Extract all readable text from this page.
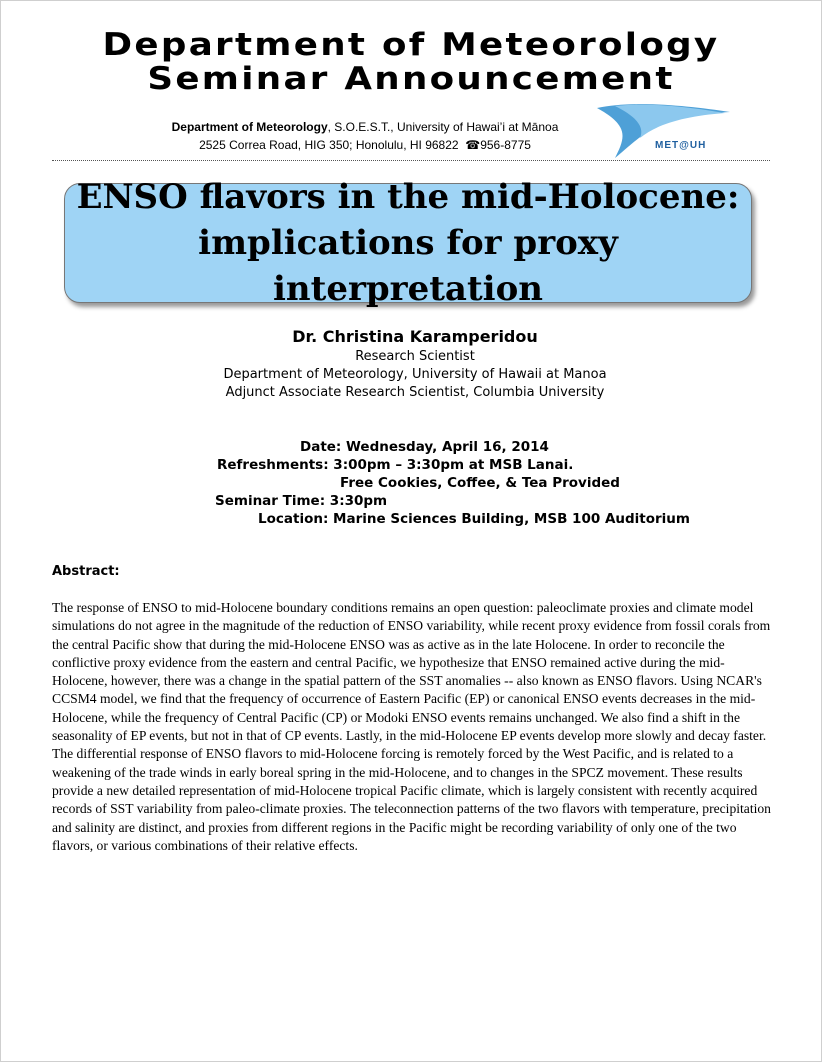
Department of Meteorology
Seminar Announcement
Department of Meteorology, S.O.E.S.T., University of Hawai’i at Mānoa
2525 Correa Road, HIG 350; Honolulu, HI 96822 ☎956-8775	MET@UH
ENSO flavors in the mid-Holocene:
implications for proxy interpretation
Dr. Christina Karamperidou
Research Scientist
Department of Meteorology, University of Hawaii at Manoa
Adjunct Associate Research Scientist, Columbia University
Date: Wednesday, April 16, 2014
Refreshments: 3:00pm – 3:30pm at MSB Lanai.
Free Cookies, Coffee, & Tea Provided
Seminar Time: 3:30pm
Location: Marine Sciences Building, MSB 100 Auditorium
Abstract:
The response of ENSO to mid-Holocene boundary conditions remains an open question: paleoclimate proxies and climate model simulations do not agree in the magnitude of the reduction of ENSO variability, while recent proxy evidence from fossil corals from the central Pacific show that during the mid-Holocene ENSO was as active as in the late Holocene. In order to reconcile the conflictive proxy evidence from the eastern and central Pacific, we hypothesize that ENSO remained active during the mid-Holocene, however, there was a change in the spatial pattern of the SST anomalies -- also known as ENSO flavors. Using NCAR's CCSM4 model, we find that the frequency of occurrence of Eastern Pacific (EP) or canonical ENSO events decreases in the mid-Holocene, while the frequency of Central Pacific (CP) or Modoki ENSO events remains unchanged. We also find a shift in the seasonality of EP events, but not in that of CP events. Lastly, in the mid-Holocene EP events develop more slowly and decay faster. The differential response of ENSO flavors to mid-Holocene forcing is remotely forced by the West Pacific, and is related to a weakening of the trade winds in early boreal spring in the mid-Holocene, and to changes in the SPCZ movement. These results provide a new detailed representation of mid-Holocene tropical Pacific climate, which is largely consistent with recently acquired records of SST variability from paleo-climate proxies. The teleconnection patterns of the two flavors with temperature, precipitation and salinity are distinct, and proxies from different regions in the Pacific might be recording variability of only one of the two flavors, or various combinations of their relative effects.
